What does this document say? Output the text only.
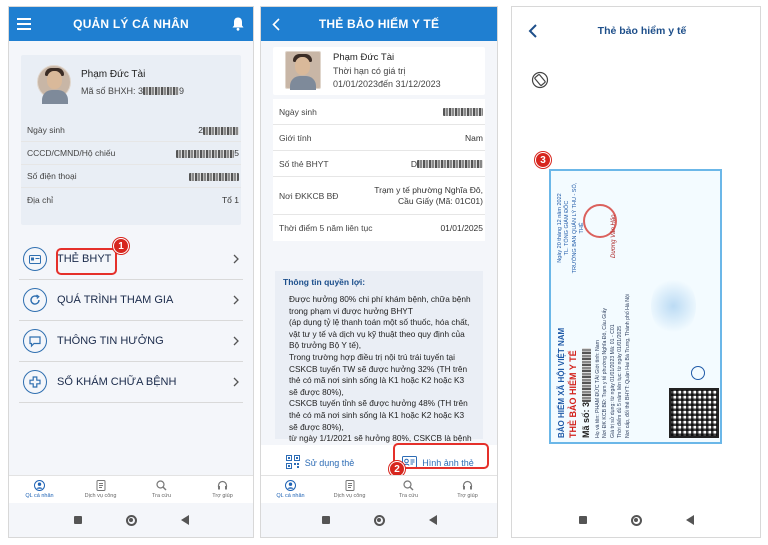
QUẢN LÝ CÁ NHÂN
Phạm Đức Tài
Mã số BHXH: 3	9
Ngày sinh	2
CCCD/CMND/Hộ chiếu	5
Số điện thoại
Địa chỉ	Tổ 1
THẺ BHYT
QUÁ TRÌNH THAM GIA
THÔNG TIN HƯỞNG
SỔ KHÁM CHỮA BỆNH
1
QL cá nhân	Dịch vụ công	Tra cứu	Trợ giúp
THẺ BẢO HIỂM Y TẾ
Phạm Đức Tài
Thời hạn có giá trị
01/01/2023đến 31/12/2023
Ngày sinh
Giới tính	Nam
Số thẻ BHYT	D
Nơi ĐKKCB BĐ
Trạm y tế phường Nghĩa Đô, Cầu Giấy (Mã: 01C01)
Thời điểm 5 năm liên tục	01/01/2025
Thông tin quyền lợi:
Được hưởng 80% chi phí khám bệnh, chữa bệnh trong phạm vi được hưởng BHYT
(áp dụng tỷ lệ thanh toán một số thuốc, hóa chất, vật tư y tế và dịch vụ kỹ thuật theo quy định của Bộ trưởng Bộ Y tế),
Trong trường hợp điều trị nội trú trái tuyến tại CSKCB tuyến TW sẽ được hưởng 32% (TH trên thẻ có mã nơi sinh sống là K1 hoặc K2 hoặc K3 sẽ được 80%),
CSKCB tuyến tỉnh sẽ được hưởng 48% (TH trên thẻ có mã nơi sinh sống là K1 hoặc K2 hoặc K3 sẽ được 80%),
từ ngày 1/1/2021 sẽ hưởng 80%, CSKCB là bệnh
Sử dụng thẻ	Hình ảnh thẻ
2
QL cá nhân	Dịch vụ công	Tra cứu	Trợ giúp
Thẻ bảo hiểm y tế
3
BẢO HIỂM XÃ HỘI VIỆT NAM THẺ BẢO HIỂM Y TẾ Mã số: 3 Họ và tên: PHẠM ĐỨC TÀI Giới tính: Nam
Nơi ĐK KCB BĐ: Trạm y tế phường Nghĩa Đô, Cầu Giấy
Giá trị sử dụng: từ ngày 01/01/2023 Mã: 01 - C01
Thời điểm đủ 5 năm liên tục: từ ngày 01/01/2025
Nơi cấp, đổi thẻ BHYT: Quận Hai Bà Trưng, Thành phố Hà Nội
Ngày 20 tháng 12 năm 2022
TL. TỔNG GIÁM ĐỐC
TRƯỞNG BAN QUẢN LÝ THU - SỔ, THẺ	Dương Văn Hảo
